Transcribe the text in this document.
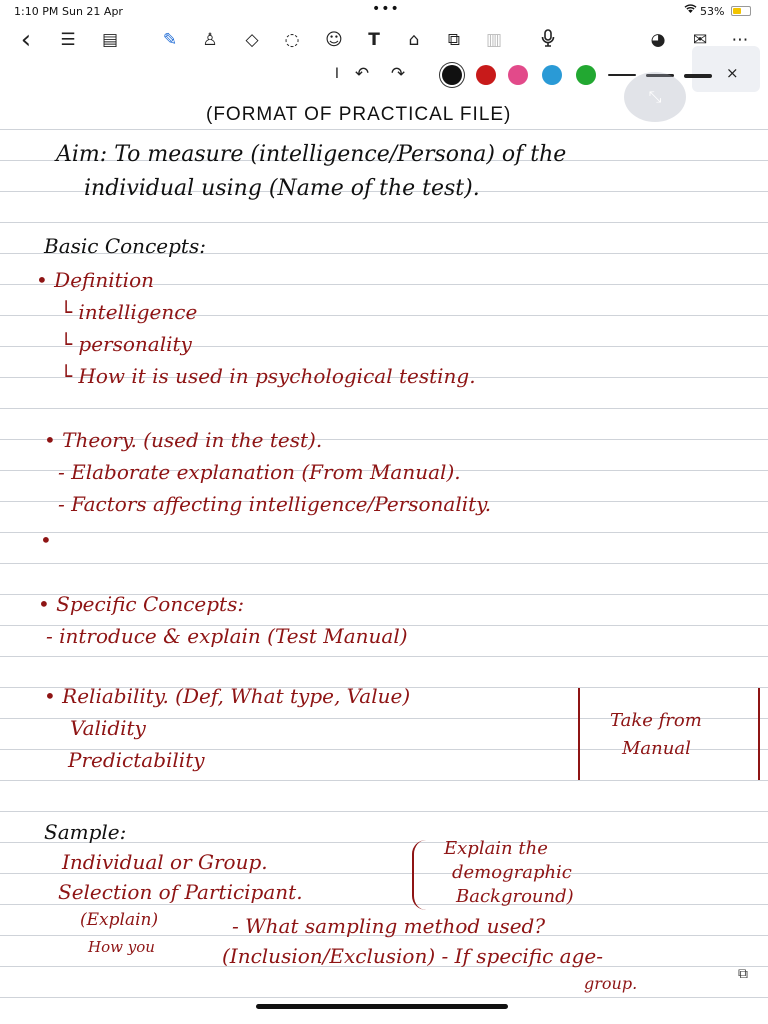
1:10 PM Sun 21 Apr	•••	53%
‹ ☰ ▤	✎ ♙ ◇ ◌ ☺ T ⌂ ⧉ ▥	◕ ✉ ⋯
I ↶ ↷	×
(FORMAT OF PRACTICAL FILE)
Aim: To measure (intelligence/Persona) of the
individual using (Name of the test).
Basic Concepts:
• Definition
└ intelligence
└ personality
└ How it is used in psychological testing.
• Theory. (used in the test).
- Elaborate explanation (From Manual).
- Factors affecting intelligence/Personality.
•
• Specific Concepts:
- introduce & explain (Test Manual)
• Reliability. (Def, What type, Value)
Validity
Predictability
Sample:
Individual or Group.
Selection of Participant.
(Explain)
How you
- What sampling method used?
(Inclusion/Exclusion) - If specific age-
group.
Take from
Manual
Explain the
demographic
Background)
⤡
⧉
